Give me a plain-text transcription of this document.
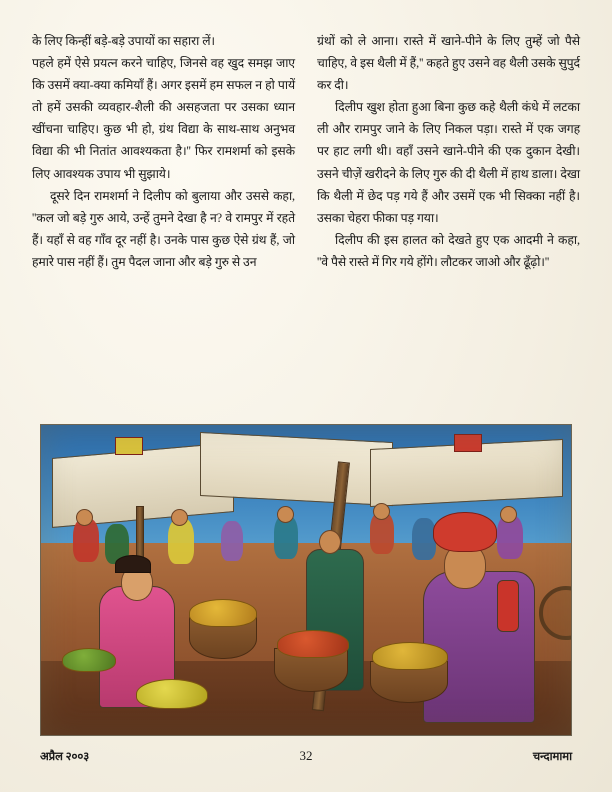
के लिए किन्हीं बड़े-बड़े उपायों का सहारा लें।

पहले हमें ऐसे प्रयत्न करने चाहिए, जिनसे वह खुद समझ जाए कि उसमें क्या-क्या कमियाँ हैं। अगर इसमें हम सफल न हो पायें तो हमें उसकी व्यवहार-शैली की असहजता पर उसका ध्यान खींचना चाहिए। कुछ भी हो, ग्रंथ विद्या के साथ-साथ अनुभव विद्या की भी नितांत आवश्यकता है।'' फिर रामशर्मा को इसके लिए आवश्यक उपाय भी सुझाये।

दूसरे दिन रामशर्मा ने दिलीप को बुलाया और उससे कहा, ''कल जो बड़े गुरु आये, उन्हें तुमने देखा है न? वे रामपुर में रहते हैं। यहाँ से वह गाँव दूर नहीं है। उनके पास कुछ ऐसे ग्रंथ हैं, जो हमारे पास नहीं हैं। तुम पैदल जाना और बड़े गुरु से उन

ग्रंथों को ले आना। रास्ते में खाने-पीने के लिए तुम्हें जो पैसे चाहिए, वे इस थैली में हैं,'' कहते हुए उसने वह थैली उसके सुपुर्द कर दी।

दिलीप खुश होता हुआ बिना कुछ कहे थैली कंधे में लटका ली और रामपुर जाने के लिए निकल पड़ा। रास्ते में एक जगह पर हाट लगी थी। वहाँ उसने खाने-पीने की एक दुकान देखी। उसने चीज़ें खरीदने के लिए गुरु की दी थैली में हाथ डाला। देखा कि थैली में छेद पड़ गये हैं और उसमें एक भी सिक्का नहीं है। उसका चेहरा फीका पड़ गया।

दिलीप की इस हालत को देखते हुए एक आदमी ने कहा, ''वे पैसे रास्ते में गिर गये होंगे। लौटकर जाओ और ढूँढ़ो।''

अप्रैल २००३	32	चन्दामामा
